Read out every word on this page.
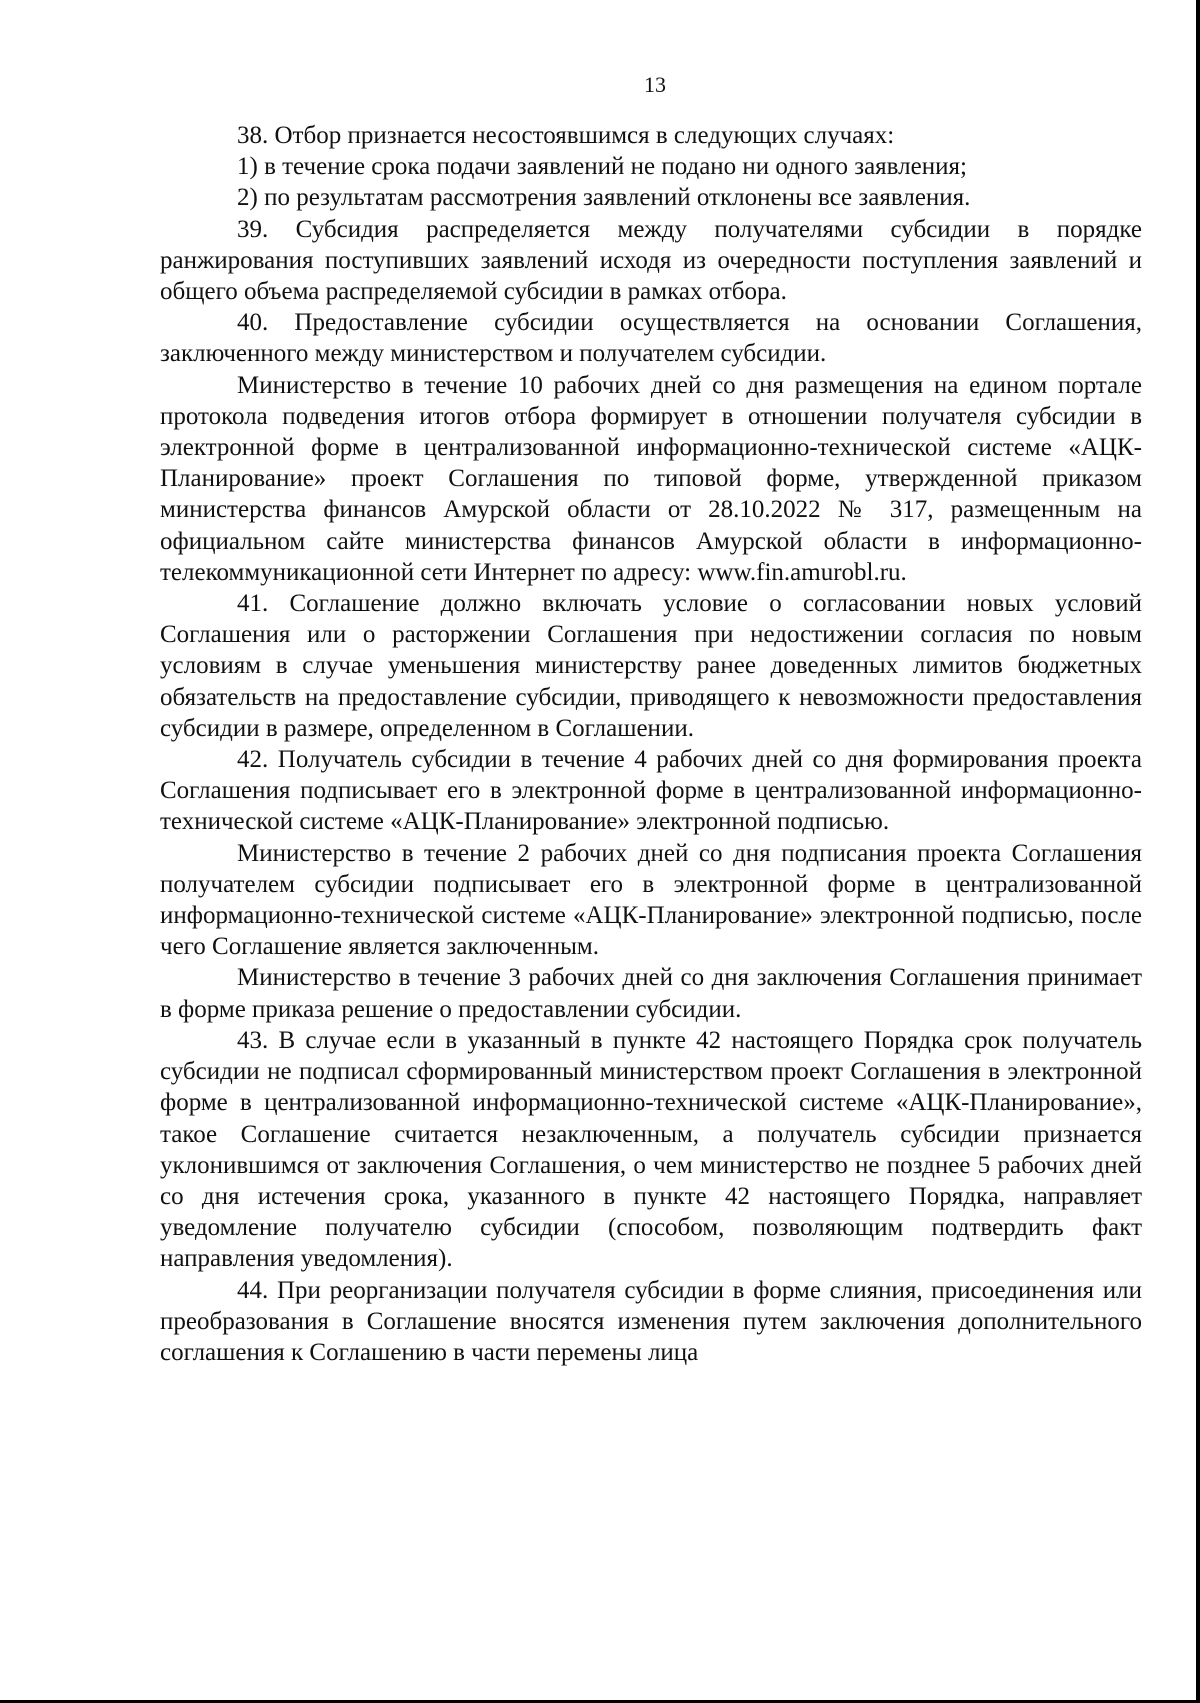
13

38. Отбор признается несостоявшимся в следующих случаях:

1) в течение срока подачи заявлений не подано ни одного заявления;

2) по результатам рассмотрения заявлений отклонены все заявления.

39. Субсидия распределяется между получателями субсидии в порядке ранжирования поступивших заявлений исходя из очередности поступления заявлений и общего объема распределяемой субсидии в рамках отбора.

40. Предоставление субсидии осуществляется на основании Соглашения, заключенного между министерством и получателем субсидии.

Министерство в течение 10 рабочих дней со дня размещения на едином портале протокола подведения итогов отбора формирует в отношении получателя субсидии в электронной форме в централизованной информационно-технической системе «АЦК-Планирование» проект Соглашения по типовой форме, утвержденной приказом министерства финансов Амурской области от 28.10.2022 № 317, размещенным на официальном сайте министерства финансов Амурской области в информационно-телекоммуникационной сети Интернет по адресу: www.fin.amurobl.ru.

41. Соглашение должно включать условие о согласовании новых условий Соглашения или о расторжении Соглашения при недостижении согласия по новым условиям в случае уменьшения министерству ранее доведенных лимитов бюджетных обязательств на предоставление субсидии, приводящего к невозможности предоставления субсидии в размере, определенном в Соглашении.

42. Получатель субсидии в течение 4 рабочих дней со дня формирования проекта Соглашения подписывает его в электронной форме в централизованной информационно-технической системе «АЦК-Планирование» электронной подписью.

Министерство в течение 2 рабочих дней со дня подписания проекта Соглашения получателем субсидии подписывает его в электронной форме в централизованной информационно-технической системе «АЦК-Планирование» электронной подписью, после чего Соглашение является заключенным.

Министерство в течение 3 рабочих дней со дня заключения Соглашения принимает в форме приказа решение о предоставлении субсидии.

43. В случае если в указанный в пункте 42 настоящего Порядка срок получатель субсидии не подписал сформированный министерством проект Соглашения в электронной форме в централизованной информационно-технической системе «АЦК-Планирование», такое Соглашение считается незаключенным, а получатель субсидии признается уклонившимся от заключения Соглашения, о чем министерство не позднее 5 рабочих дней со дня истечения срока, указанного в пункте 42 настоящего Порядка, направляет уведомление получателю субсидии (способом, позволяющим подтвердить факт направления уведомления).

44. При реорганизации получателя субсидии в форме слияния, присоединения или преобразования в Соглашение вносятся изменения путем заключения дополнительного соглашения к Соглашению в части перемены лица
